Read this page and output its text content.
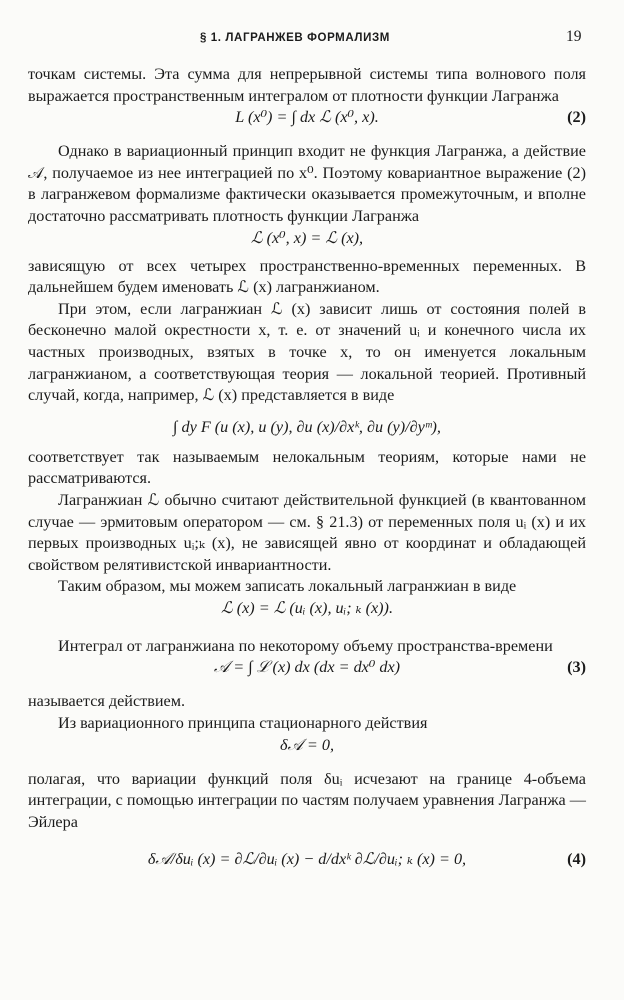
§ 1. ЛАГРАНЖЕВ ФОРМАЛИЗМ	19

точкам системы. Эта сумма для непрерывной системы типа волнового поля выражается пространственным интегралом от плотности функции Лагранжа

L (x⁰) = ∫ dx ℒ (x⁰, x).	(2)

Однако в вариационный принцип входит не функция Лагранжа, а действие 𝒜, получаемое из нее интеграцией по x⁰. Поэтому ковариантное выражение (2) в лагранжевом формализме фактически оказывается промежуточным, и вполне достаточно рассматривать плотность функции Лагранжа

ℒ (x⁰, x) = ℒ (x),

зависящую от всех четырех пространственно-временных переменных. В дальнейшем будем именовать ℒ (x) лагранжианом.

При этом, если лагранжиан ℒ (x) зависит лишь от состояния полей в бесконечно малой окрестности x, т. е. от значений uᵢ и конечного числа их частных производных, взятых в точке x, то он именуется локальным лагранжианом, а соответствующая теория — локальной теорией. Противный случай, когда, например, ℒ (x) представляется в виде

∫ dy F (u (x), u (y), ∂u (x)/∂xᵏ, ∂u (y)/∂yᵐ),

соответствует так называемым нелокальным теориям, которые нами не рассматриваются.

Лагранжиан ℒ обычно считают действительной функцией (в квантованном случае — эрмитовым оператором — см. § 21.3) от переменных поля uᵢ (x) и их первых производных uᵢ;ₖ (x), не зависящей явно от координат и обладающей свойством релятивистской инвариантности.

Таким образом, мы можем записать локальный лагранжиан в виде

ℒ (x) = ℒ (uᵢ (x), uᵢ; ₖ (x)).

Интеграл от лагранжиана по некоторому объему пространства-времени

𝒜 = ∫ ℒ (x) dx (dx = dx⁰ dx)	(3)

называется действием.

Из вариационного принципа стационарного действия

δ𝒜 = 0,

полагая, что вариации функций поля δuᵢ исчезают на границе 4-объема интеграции, с помощью интеграции по частям получаем уравнения Лагранжа — Эйлера

δ𝒜/δuᵢ (x) = ∂ℒ/∂uᵢ (x) − d/dxᵏ ∂ℒ/∂uᵢ; ₖ (x) = 0,	(4)
